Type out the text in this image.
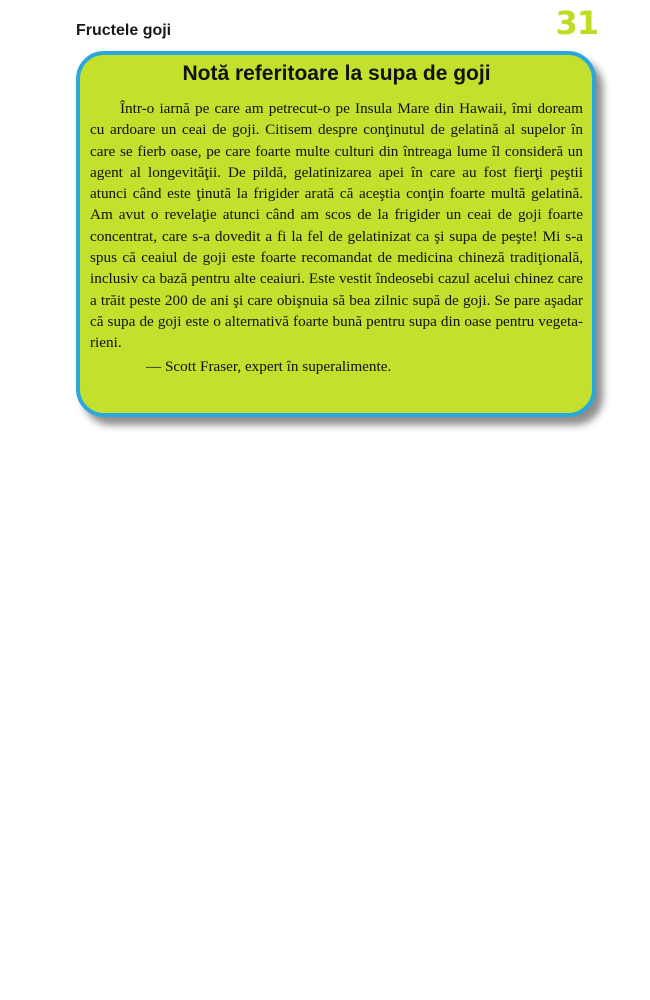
Fructele goji	31
Notă referitoare la supa de goji

Într-o iarnă pe care am petrecut-o pe Insula Mare din Hawaii, îmi doream cu ardoare un ceai de goji. Citisem despre conţinutul de gelatină al supelor în care se fierb oase, pe care foarte multe culturi din întreaga lume îl consideră un agent al longevităţii. De pildă, gelatinizarea apei în care au fost fierţi peştii atunci când este ţinută la frigider arată că aceştia conţin foarte multă gelatină. Am avut o revelaţie atunci când am scos de la frigider un ceai de goji foarte concentrat, care s-a dovedit a fi la fel de gelatinizat ca şi supa de peşte! Mi s-a spus că ceaiul de goji este foarte recomandat de medicina chineză tradiţională, inclusiv ca bază pentru alte ceaiuri. Este vestit îndeosebi cazul acelui chinez care a trăit peste 200 de ani şi care obişnuia să bea zilnic supă de goji. Se pare aşadar că supa de goji este o alternativă foarte bună pentru supa din oase pentru vegetarieni.

— Scott Fraser, expert în superalimente.
